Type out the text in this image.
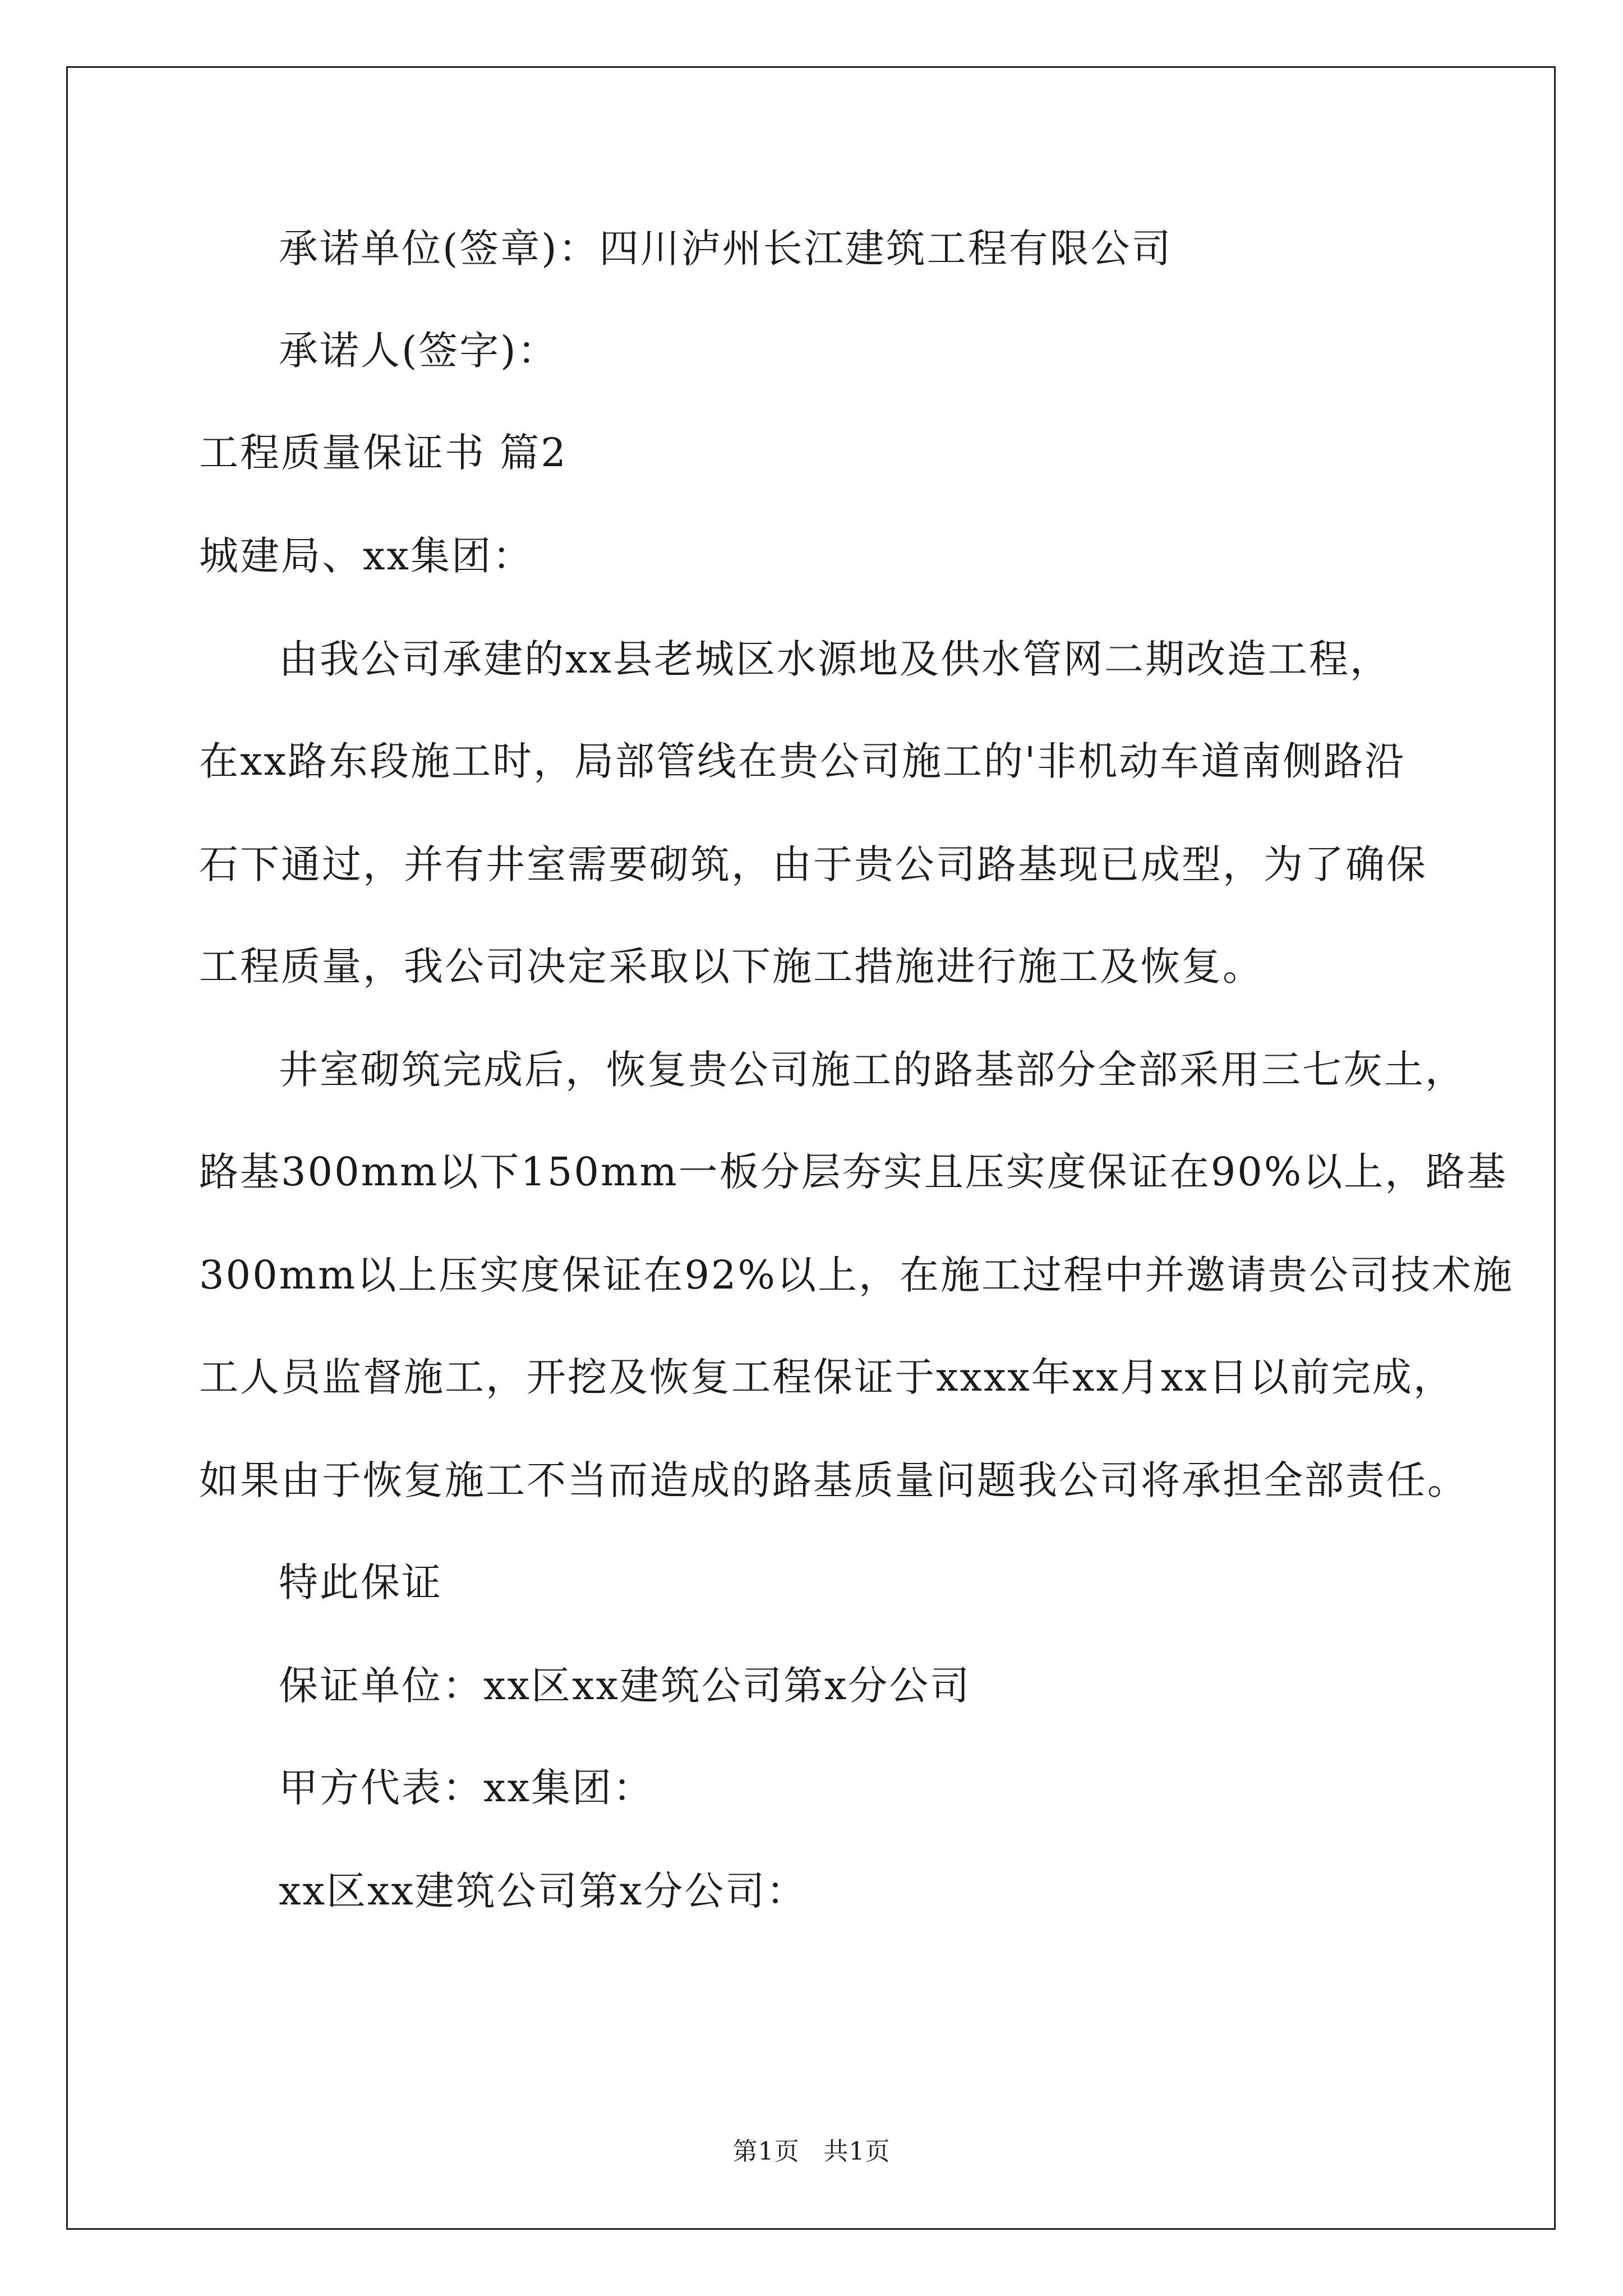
承诺单位(签章)：四川泸州长江建筑工程有限公司
承诺人(签字)：
工程质量保证书 篇2
城建局、xx集团：
由我公司承建的xx县老城区水源地及供水管网二期改造工程，
在xx路东段施工时，局部管线在贵公司施工的'非机动车道南侧路沿
石下通过，并有井室需要砌筑，由于贵公司路基现已成型，为了确保
工程质量，我公司决定采取以下施工措施进行施工及恢复。
井室砌筑完成后，恢复贵公司施工的路基部分全部采用三七灰土，
路基300mm以下150mm一板分层夯实且压实度保证在90%以上，路基
300mm以上压实度保证在92%以上，在施工过程中并邀请贵公司技术施
工人员监督施工，开挖及恢复工程保证于xxxx年xx月xx日以前完成，
如果由于恢复施工不当而造成的路基质量问题我公司将承担全部责任。
特此保证
保证单位：xx区xx建筑公司第x分公司
甲方代表：xx集团：
xx区xx建筑公司第x分公司：
第1页 共1页
